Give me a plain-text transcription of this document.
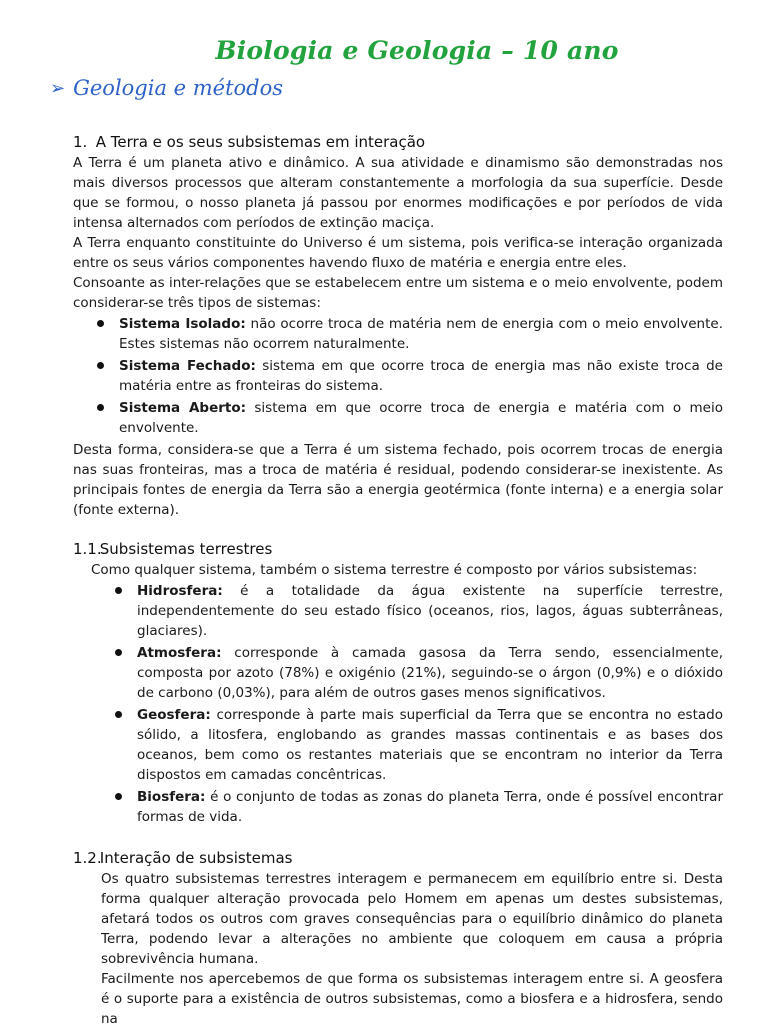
Biologia e Geologia – 10 ano
➢ Geologia e métodos
1. A Terra e os seus subsistemas em interação

A Terra é um planeta ativo e dinâmico. A sua atividade e dinamismo são demonstradas nos mais diversos processos que alteram constantemente a morfologia da sua superfície. Desde que se formou, o nosso planeta já passou por enormes modificações e por períodos de vida intensa alternados com períodos de extinção maciça.

A Terra enquanto constituinte do Universo é um sistema, pois verifica-se interação organizada entre os seus vários componentes havendo fluxo de matéria e energia entre eles.

Consoante as inter-relações que se estabelecem entre um sistema e o meio envolvente, podem considerar-se três tipos de sistemas:

Sistema Isolado: não ocorre troca de matéria nem de energia com o meio envolvente. Estes sistemas não ocorrem naturalmente.
Sistema Fechado: sistema em que ocorre troca de energia mas não existe troca de matéria entre as fronteiras do sistema.
Sistema Aberto: sistema em que ocorre troca de energia e matéria com o meio envolvente.

Desta forma, considera-se que a Terra é um sistema fechado, pois ocorrem trocas de energia nas suas fronteiras, mas a troca de matéria é residual, podendo considerar-se inexistente. As principais fontes de energia da Terra são a energia geotérmica (fonte interna) e a energia solar (fonte externa).

1.1. Subsistemas terrestres

Como qualquer sistema, também o sistema terrestre é composto por vários subsistemas:

Hidrosfera: é a totalidade da água existente na superfície terrestre, independentemente do seu estado físico (oceanos, rios, lagos, águas subterrâneas, glaciares).
Atmosfera: corresponde à camada gasosa da Terra sendo, essencialmente, composta por azoto (78%) e oxigénio (21%), seguindo-se o árgon (0,9%) e o dióxido de carbono (0,03%), para além de outros gases menos significativos.
Geosfera: corresponde à parte mais superficial da Terra que se encontra no estado sólido, a litosfera, englobando as grandes massas continentais e as bases dos oceanos, bem como os restantes materiais que se encontram no interior da Terra dispostos em camadas concêntricas.
Biosfera: é o conjunto de todas as zonas do planeta Terra, onde é possível encontrar formas de vida.
1.2. Interação de subsistemas

Os quatro subsistemas terrestres interagem e permanecem em equilíbrio entre si. Desta forma qualquer alteração provocada pelo Homem em apenas um destes subsistemas, afetará todos os outros com graves consequências para o equilíbrio dinâmico do planeta Terra, podendo levar a alterações no ambiente que coloquem em causa a própria sobrevivência humana.

Facilmente nos apercebemos de que forma os subsistemas interagem entre si. A geosfera é o suporte para a existência de outros subsistemas, como a biosfera e a hidrosfera, sendo na
